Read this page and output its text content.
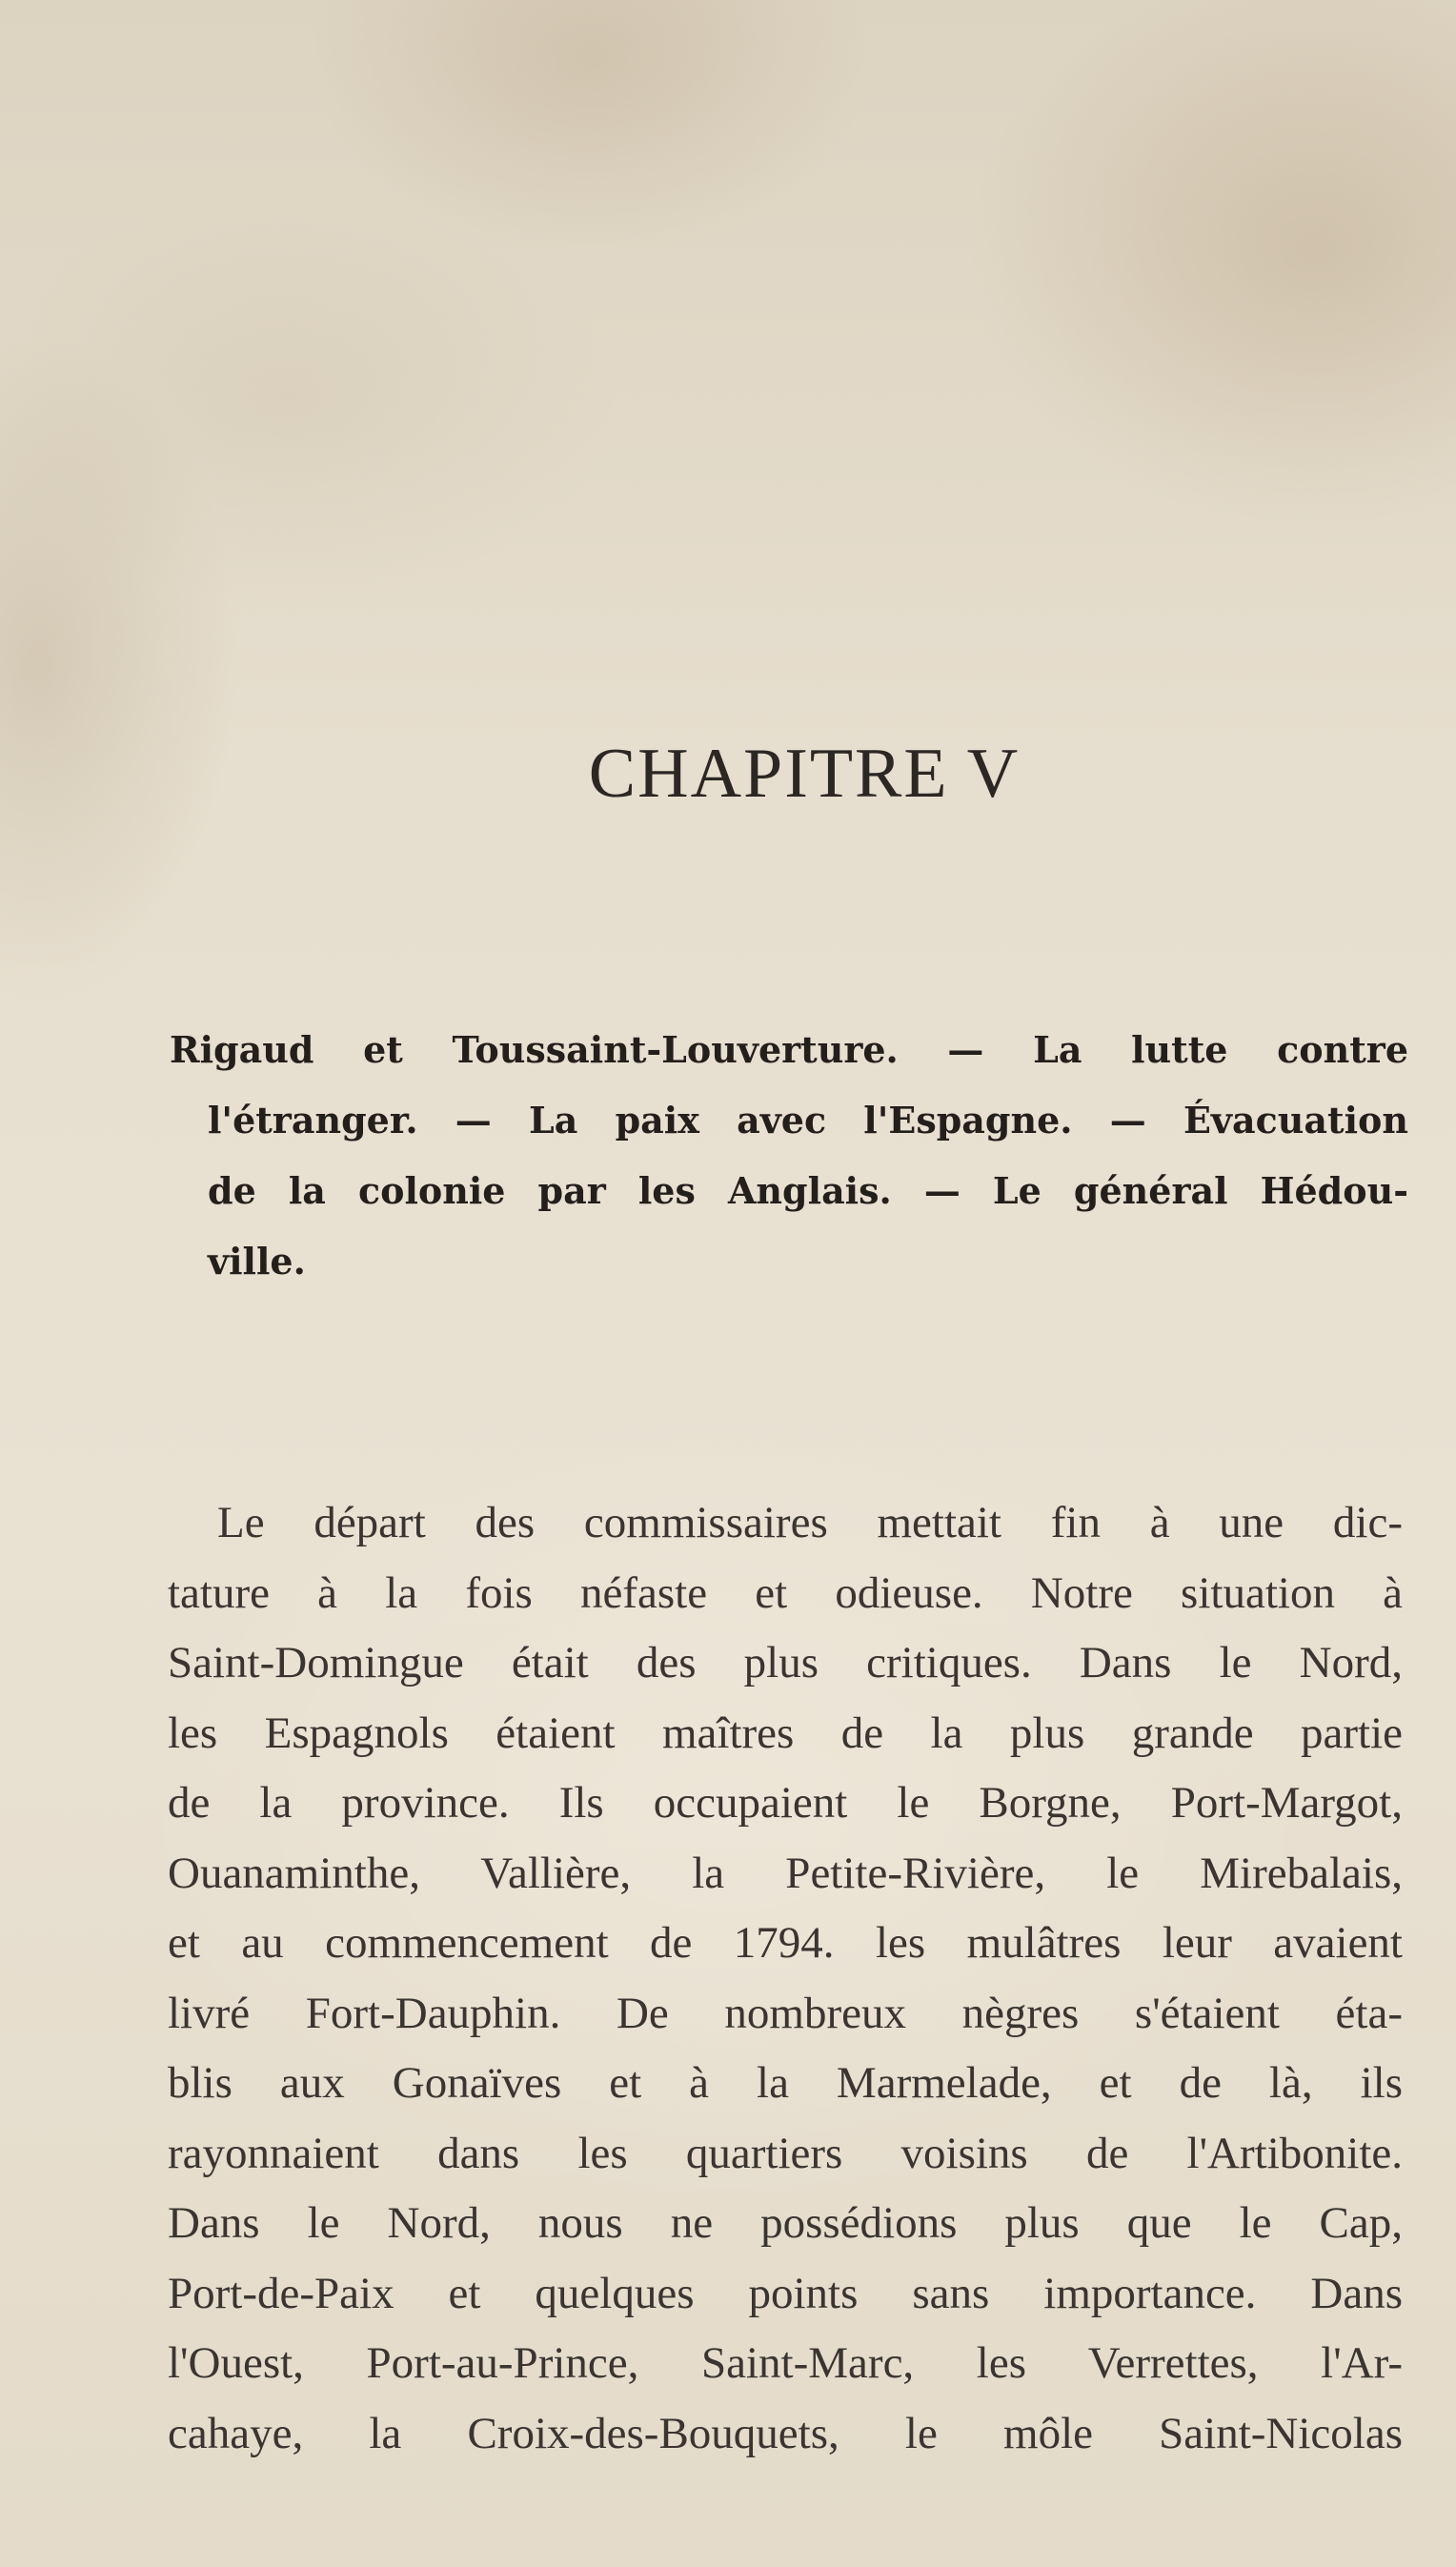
CHAPITRE V
Rigaud et Toussaint-Louverture. — La lutte contre
l'étranger. — La paix avec l'Espagne. — Évacuation
de la colonie par les Anglais. — Le général Hédou-
ville.
Le départ des commissaires mettait fin à une dic-
tature à la fois néfaste et odieuse. Notre situation à
Saint-Domingue était des plus critiques. Dans le Nord,
les Espagnols étaient maîtres de la plus grande partie
de la province. Ils occupaient le Borgne, Port-Margot,
Ouanaminthe, Vallière, la Petite-Rivière, le Mirebalais,
et au commencement de 1794. les mulâtres leur avaient
livré Fort-Dauphin. De nombreux nègres s'étaient éta-
blis aux Gonaïves et à la Marmelade, et de là, ils
rayonnaient dans les quartiers voisins de l'Artibonite.
Dans le Nord, nous ne possédions plus que le Cap,
Port-de-Paix et quelques points sans importance. Dans
l'Ouest, Port-au-Prince, Saint-Marc, les Verrettes, l'Ar-
cahaye, la Croix-des-Bouquets, le môle Saint-Nicolas
